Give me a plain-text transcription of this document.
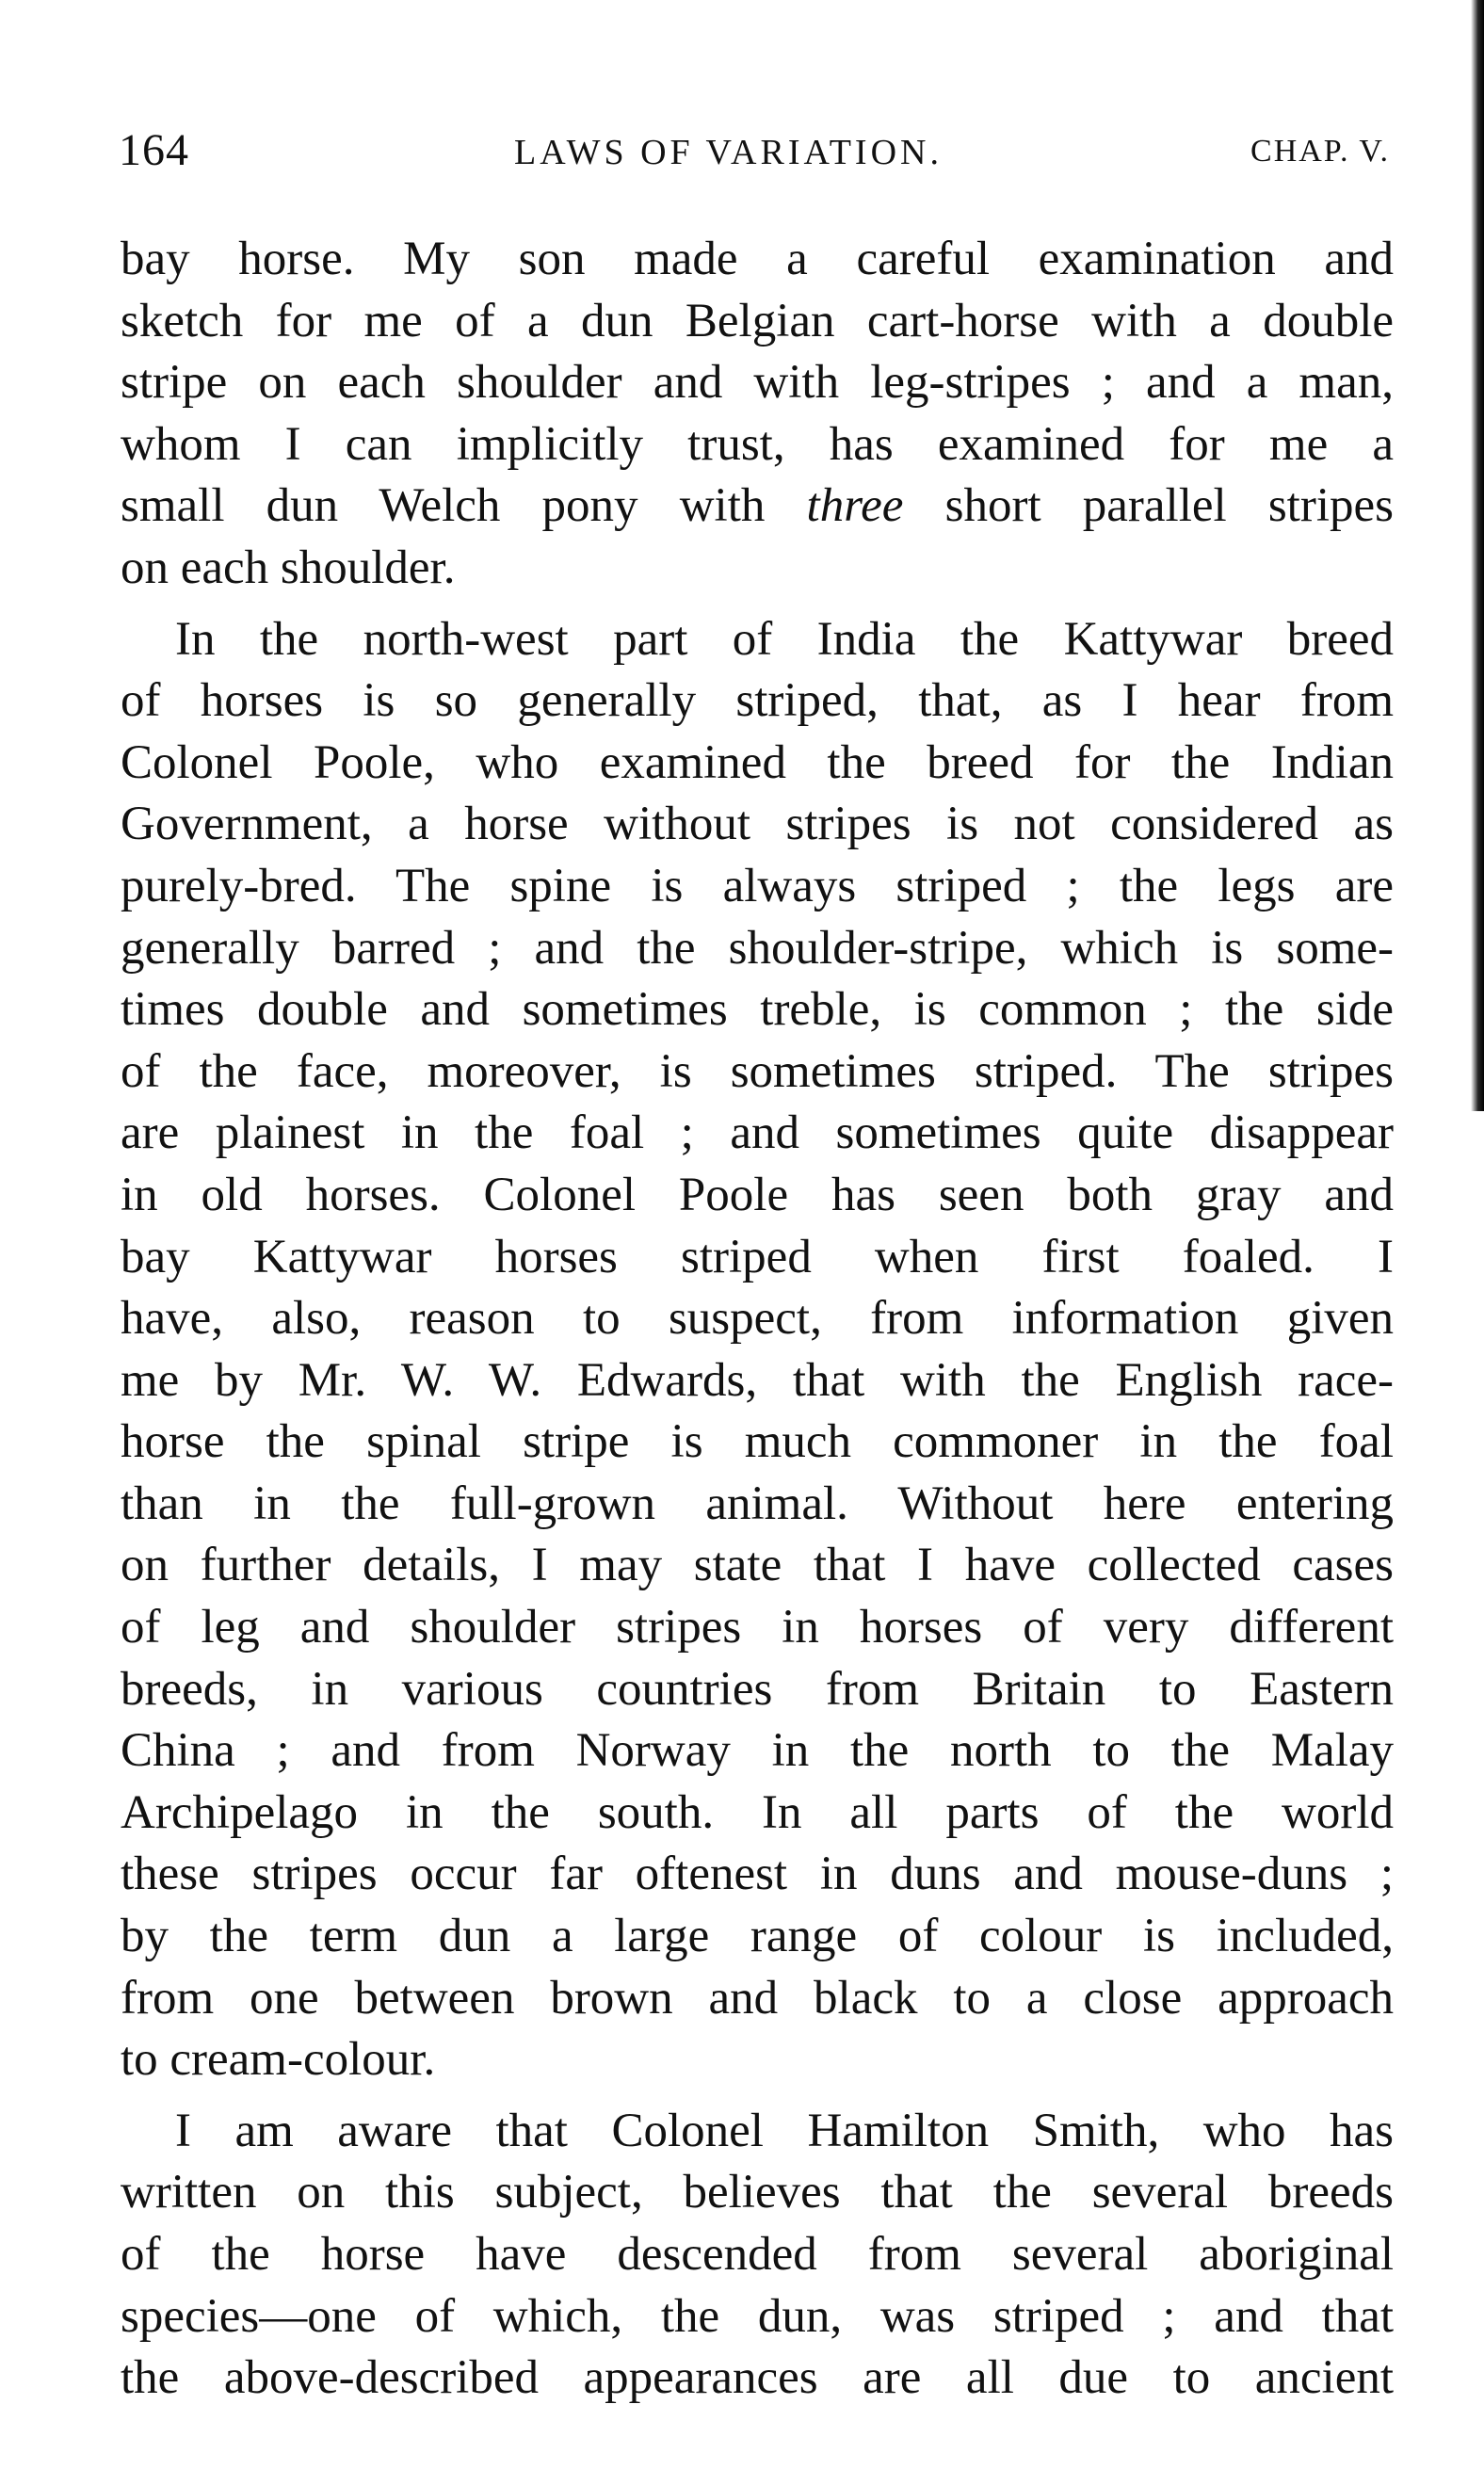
164	LAWS OF VARIATION.	CHAP. V.
bay horse. My son made a careful examination and
sketch for me of a dun Belgian cart-horse with a double
stripe on each shoulder and with leg-stripes ; and a man,
whom I can implicitly trust, has examined for me a
small dun Welch pony with three short parallel stripes
on each shoulder.
In the north-west part of India the Kattywar breed
of horses is so generally striped, that, as I hear from
Colonel Poole, who examined the breed for the Indian
Government, a horse without stripes is not considered as
purely-bred. The spine is always striped ; the legs are
generally barred ; and the shoulder-stripe, which is some-
times double and sometimes treble, is common ; the side
of the face, moreover, is sometimes striped. The stripes
are plainest in the foal ; and sometimes quite disappear
in old horses. Colonel Poole has seen both gray and
bay Kattywar horses striped when first foaled. I
have, also, reason to suspect, from information given
me by Mr. W. W. Edwards, that with the English race-
horse the spinal stripe is much commoner in the foal
than in the full-grown animal. Without here entering
on further details, I may state that I have collected cases
of leg and shoulder stripes in horses of very different
breeds, in various countries from Britain to Eastern
China ; and from Norway in the north to the Malay
Archipelago in the south. In all parts of the world
these stripes occur far oftenest in duns and mouse-duns ;
by the term dun a large range of colour is included,
from one between brown and black to a close approach
to cream-colour.
I am aware that Colonel Hamilton Smith, who has
written on this subject, believes that the several breeds
of the horse have descended from several aboriginal
species—one of which, the dun, was striped ; and that
the above-described appearances are all due to ancient
